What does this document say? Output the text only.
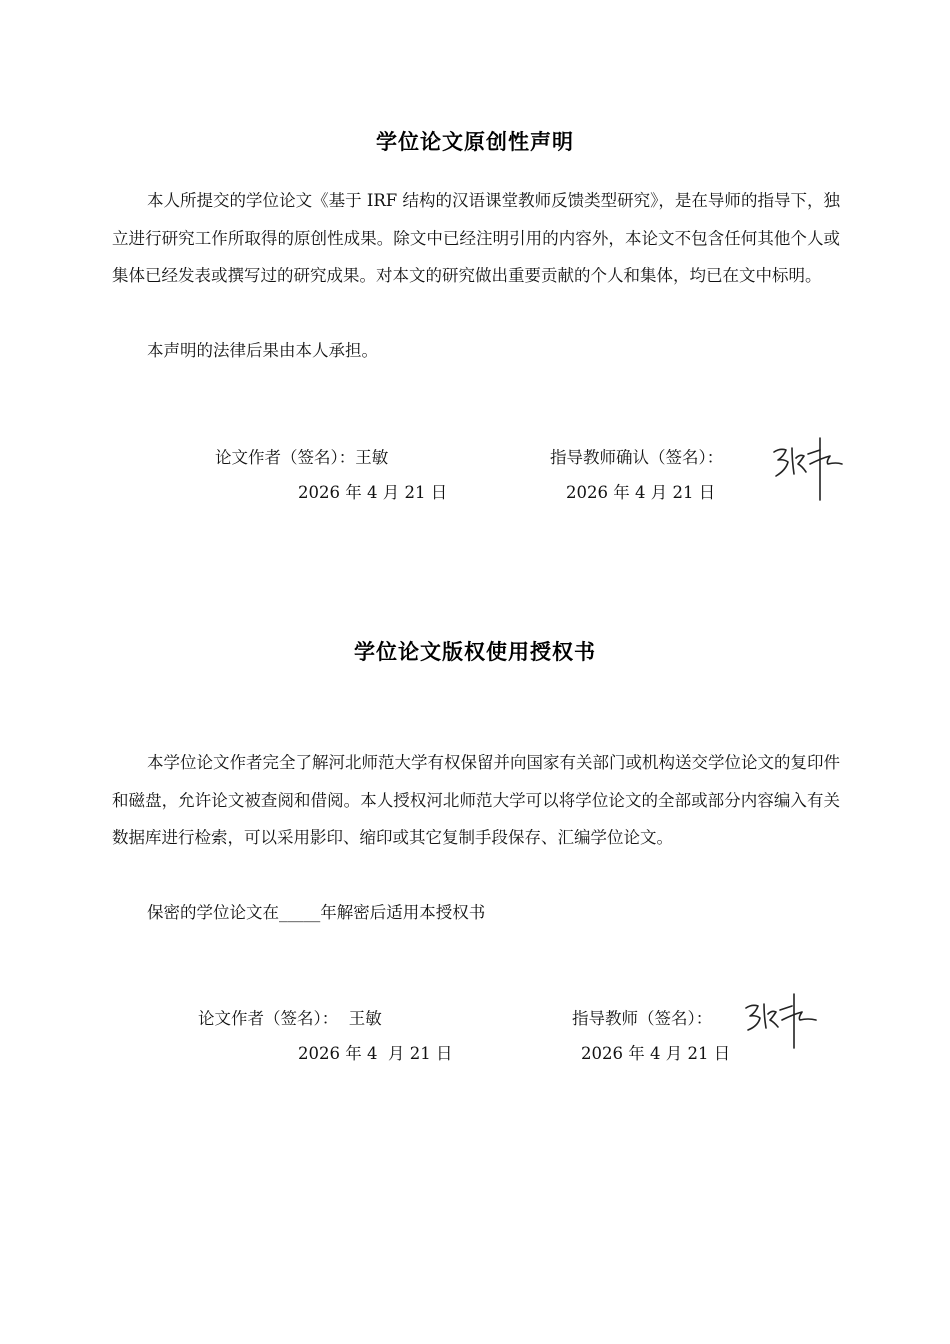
学位论文原创性声明
本人所提交的学位论文《基于 IRF 结构的汉语课堂教师反馈类型研究》，是在导师的指导下，独立进行研究工作所取得的原创性成果。除文中已经注明引用的内容外，本论文不包含任何其他个人或集体已经发表或撰写过的研究成果。对本文的研究做出重要贡献的个人和集体，均已在文中标明。
本声明的法律后果由本人承担。
论文作者（签名）：王敏
2026 年 4 月 21 日
指导教师确认（签名）：
2026 年 4 月 21 日
学位论文版权使用授权书
本学位论文作者完全了解河北师范大学有权保留并向国家有关部门或机构送交学位论文的复印件和磁盘，允许论文被查阅和借阅。本人授权河北师范大学可以将学位论文的全部或部分内容编入有关数据库进行检索，可以采用影印、缩印或其它复制手段保存、汇编学位论文。
保密的学位论文在_____年解密后适用本授权书
论文作者（签名）：  王敏
2026 年 4  月 21 日
指导教师（签名）：
2026 年 4 月 21 日
